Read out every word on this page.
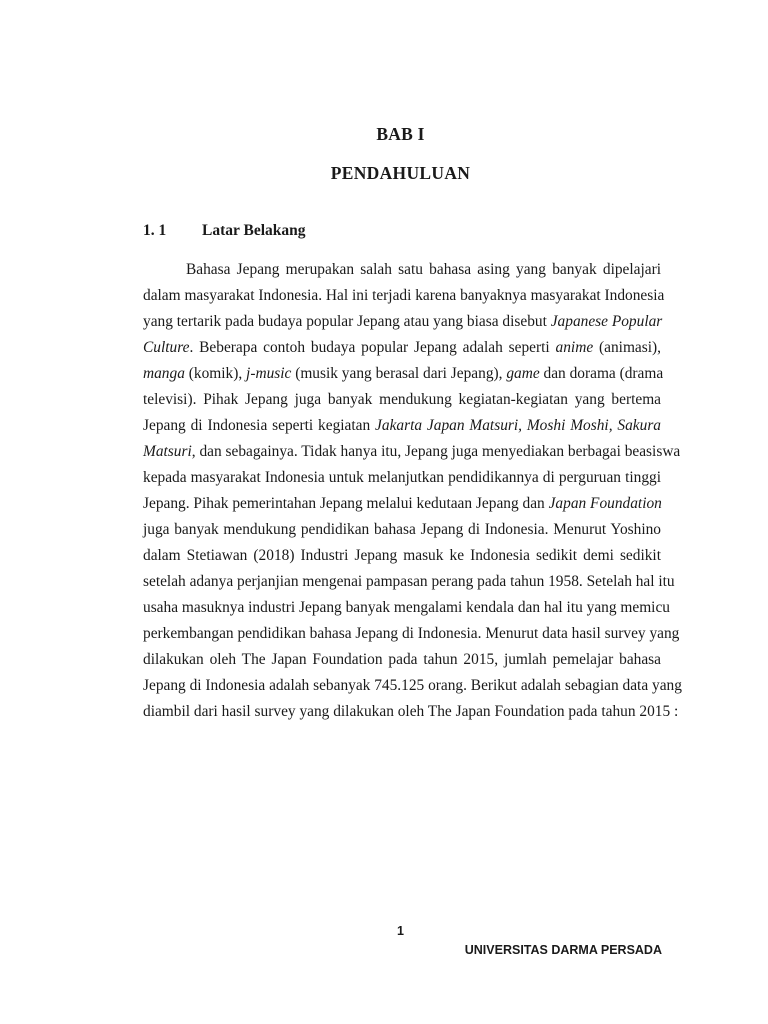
BAB I
PENDAHULUAN
1. 1 Latar Belakang
Bahasa Jepang merupakan salah satu bahasa asing yang banyak dipelajari
dalam masyarakat Indonesia. Hal ini terjadi karena banyaknya masyarakat Indonesia
yang tertarik pada budaya popular Jepang atau yang biasa disebut Japanese Popular
Culture. Beberapa contoh budaya popular Jepang adalah seperti anime (animasi),
manga (komik), j-music (musik yang berasal dari Jepang), game dan dorama (drama
televisi). Pihak Jepang juga banyak mendukung kegiatan-kegiatan yang bertema
Jepang di Indonesia seperti kegiatan Jakarta Japan Matsuri, Moshi Moshi, Sakura
Matsuri, dan sebagainya. Tidak hanya itu, Jepang juga menyediakan berbagai beasiswa
kepada masyarakat Indonesia untuk melanjutkan pendidikannya di perguruan tinggi
Jepang. Pihak pemerintahan Jepang melalui kedutaan Jepang dan Japan Foundation
juga banyak mendukung pendidikan bahasa Jepang di Indonesia. Menurut Yoshino
dalam Stetiawan (2018) Industri Jepang masuk ke Indonesia sedikit demi sedikit
setelah adanya perjanjian mengenai pampasan perang pada tahun 1958. Setelah hal itu
usaha masuknya industri Jepang banyak mengalami kendala dan hal itu yang memicu
perkembangan pendidikan bahasa Jepang di Indonesia. Menurut data hasil survey yang
dilakukan oleh The Japan Foundation pada tahun 2015, jumlah pemelajar bahasa
Jepang di Indonesia adalah sebanyak 745.125 orang. Berikut adalah sebagian data yang
diambil dari hasil survey yang dilakukan oleh The Japan Foundation pada tahun 2015 :
1
UNIVERSITAS DARMA PERSADA
